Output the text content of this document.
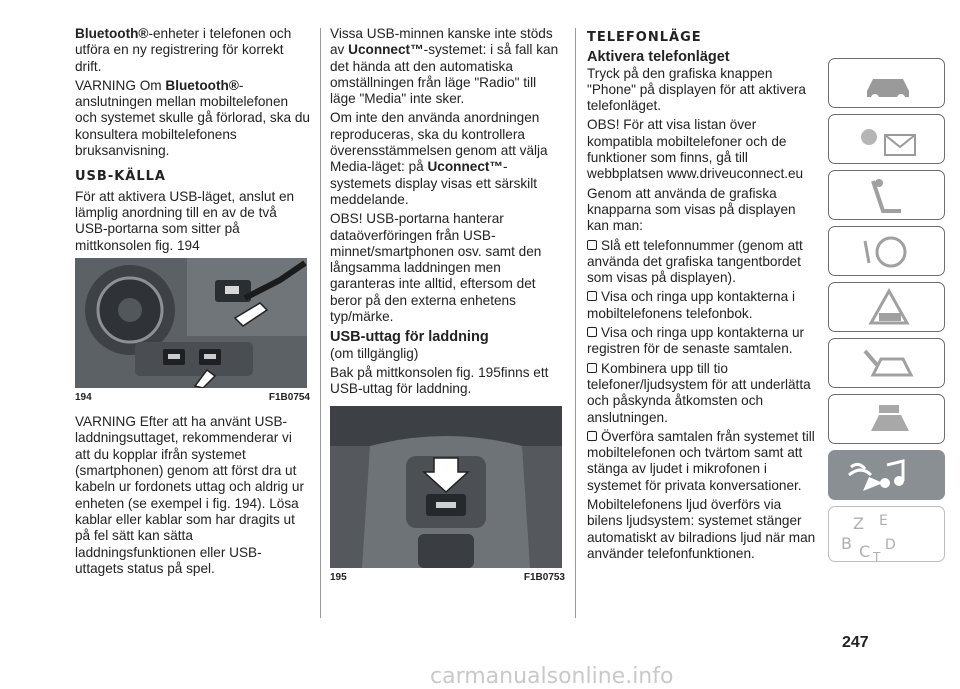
Bluetooth®-enheter i telefonen och utföra en ny registrering för korrekt drift.

VARNING Om Bluetooth®-anslutningen mellan mobiltelefonen och systemet skulle gå förlorad, ska du konsultera mobiltelefonens bruksanvisning.

USB-KÄLLA

För att aktivera USB-läget, anslut en lämplig anordning till en av de två USB-portarna som sitter på mittkonsolen fig. 194

194	F1B0754

VARNING Efter att ha använt USB-laddningsuttaget, rekommenderar vi att du kopplar ifrån systemet (smartphonen) genom att först dra ut kabeln ur fordonets uttag och aldrig ur enheten (se exempel i fig. 194). Lösa kablar eller kablar som har dragits ut på fel sätt kan sätta laddningsfunktionen eller USB-uttagets status på spel.

Vissa USB-minnen kanske inte stöds av Uconnect™-systemet: i så fall kan det hända att den automatiska omställningen från läge "Radio" till läge "Media" inte sker.

Om inte den använda anordningen reproduceras, ska du kontrollera överensstämmelsen genom att välja Media-läget: på Uconnect™-systemets display visas ett särskilt meddelande.

OBS! USB-portarna hanterar dataöverföringen från USB-minnet/smartphonen osv. samt den långsamma laddningen men garanteras inte alltid, eftersom det beror på den externa enhetens typ/märke.

USB-uttag för laddning

(om tillgänglig)

Bak på mittkonsolen fig. 195finns ett USB-uttag för laddning.

195	F1B0753
TELEFONLÄGE
Aktivera telefonläget

Tryck på den grafiska knappen "Phone" på displayen för att aktivera telefonläget.

OBS! För att visa listan över kompatibla mobiltelefoner och de funktioner som finns, gå till webbplatsen www.driveuconnect.eu

Genom att använda de grafiska knapparna som visas på displayen kan man:

Slå ett telefonnummer (genom att använda det grafiska tangentbordet som visas på displayen).

Visa och ringa upp kontakterna i mobiltelefonens telefonbok.

Visa och ringa upp kontakterna ur registren för de senaste samtalen.

Kombinera upp till tio telefoner/ljudsystem för att underlätta och påskynda åtkomsten och anslutningen.

Överföra samtalen från systemet till mobiltelefonen och tvärtom samt att stänga av ljudet i mikrofonen i systemet för privata konversationer.

Mobiltelefonens ljud överförs via bilens ljudsystem: systemet stänger automatiskt av bilradions ljud när man använder telefonfunktionen.

Z E
B C D
T
247
carmanualsonline.info
